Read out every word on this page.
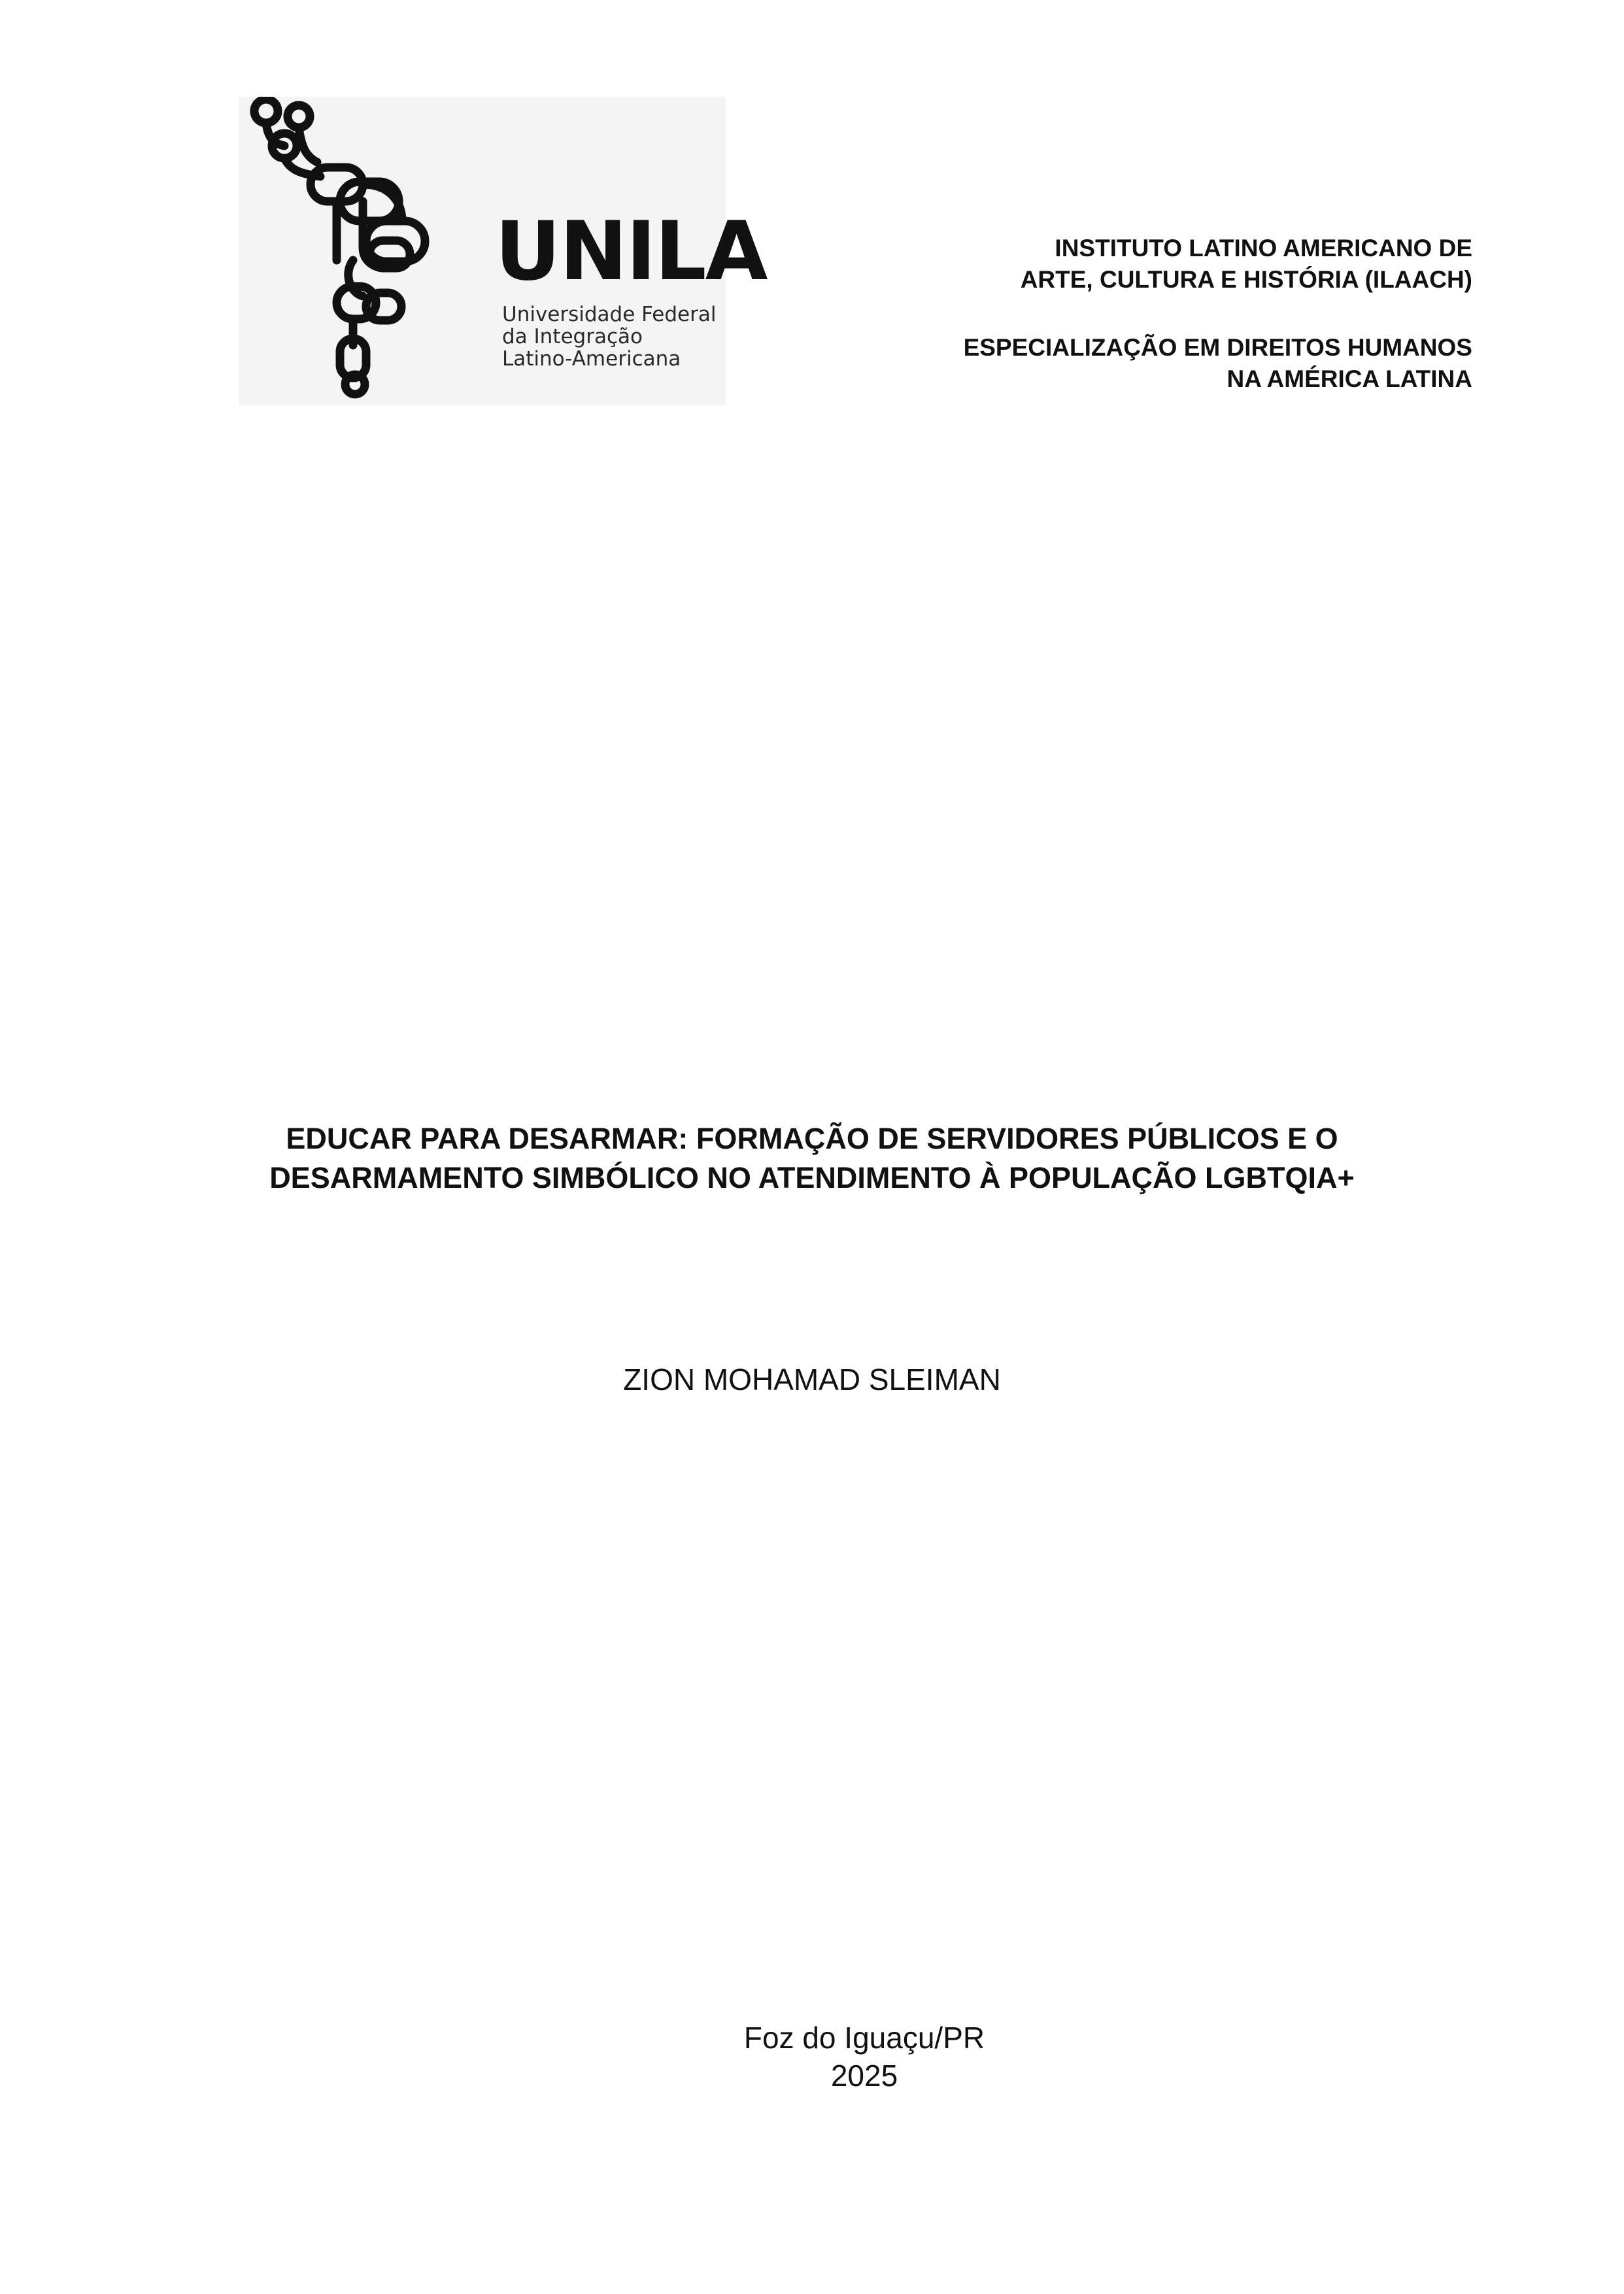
UNILA
Universidade Federal
da Integração
Latino-Americana
INSTITUTO LATINO AMERICANO DE
ARTE, CULTURA E HISTÓRIA (ILAACH)
ESPECIALIZAÇÃO EM DIREITOS HUMANOS
NA AMÉRICA LATINA
EDUCAR PARA DESARMAR: FORMAÇÃO DE SERVIDORES PÚBLICOS E O
DESARMAMENTO SIMBÓLICO NO ATENDIMENTO À POPULAÇÃO LGBTQIA+
ZION MOHAMAD SLEIMAN
Foz do Iguaçu/PR
2025
